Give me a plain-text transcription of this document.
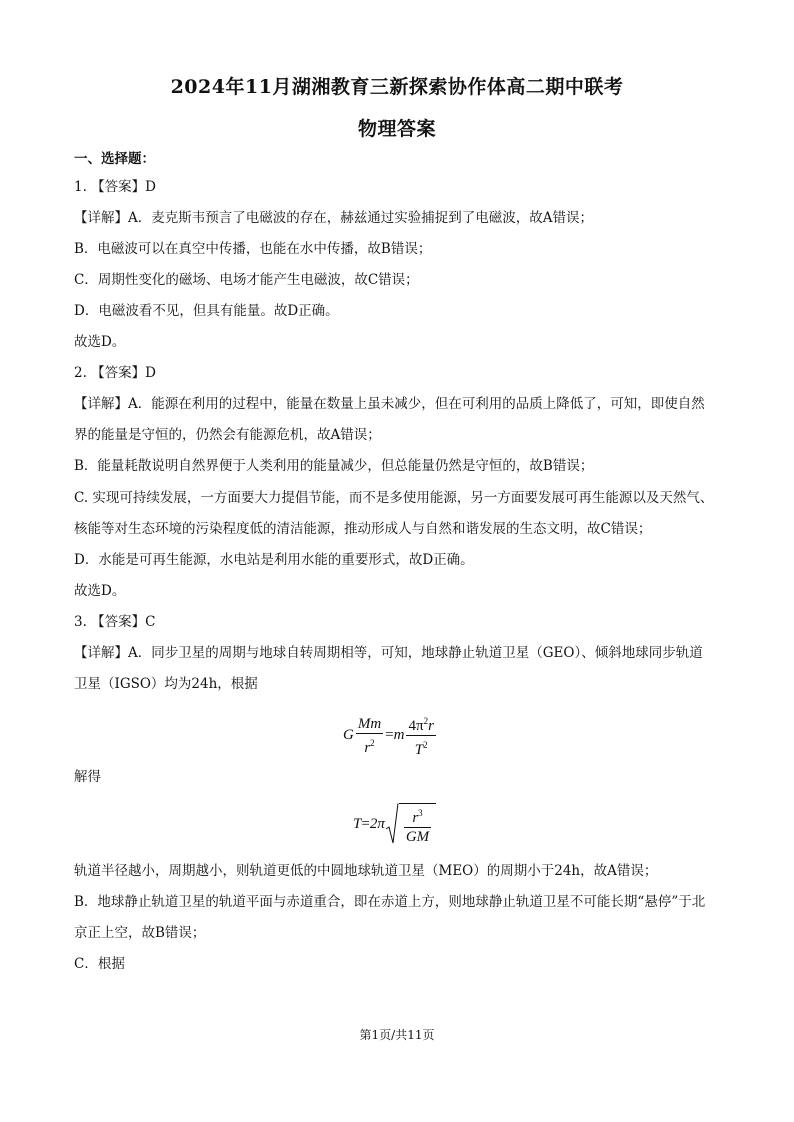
2024年11月湖湘教育三新探索协作体高二期中联考
物理答案
一、选择题：
1. 【答案】D
【详解】A．麦克斯韦预言了电磁波的存在，赫兹通过实验捕捉到了电磁波，故A错误；
B．电磁波可以在真空中传播，也能在水中传播，故B错误；
C．周期性变化的磁场、电场才能产生电磁波，故C错误；
D．电磁波看不见，但具有能量。故D正确。
故选D。
2. 【答案】D
【详解】A．能源在利用的过程中，能量在数量上虽未减少，但在可利用的品质上降低了，可知，即使自然
界的能量是守恒的，仍然会有能源危机，故A错误；
B．能量耗散说明自然界便于人类利用的能量减少，但总能量仍然是守恒的，故B错误；
C. 实现可持续发展，一方面要大力提倡节能，而不是多使用能源，另一方面要发展可再生能源以及天然气、
核能等对生态环境的污染程度低的清洁能源，推动形成人与自然和谐发展的生态文明，故C错误；
D．水能是可再生能源，水电站是利用水能的重要形式，故D正确。
故选D。
3. 【答案】C
【详解】A．同步卫星的周期与地球自转周期相等，可知，地球静止轨道卫星（GEO）、倾斜地球同步轨道
卫星（IGSO）均为24h，根据
G $\frac{Mm}{r^2} =m \frac{4\pi^2r}{T^2}$
解得
$T=2\pi \frac{r^3}{GM}$
轨道半径越小，周期越小，则轨道更低的中圆地球轨道卫星（MEO）的周期小于24h，故A错误；
B．地球静止轨道卫星的轨道平面与赤道重合，即在赤道上方，则地球静止轨道卫星不可能长期“悬停”于北
京正上空，故B错误；
C．根据
第1页/共11页
